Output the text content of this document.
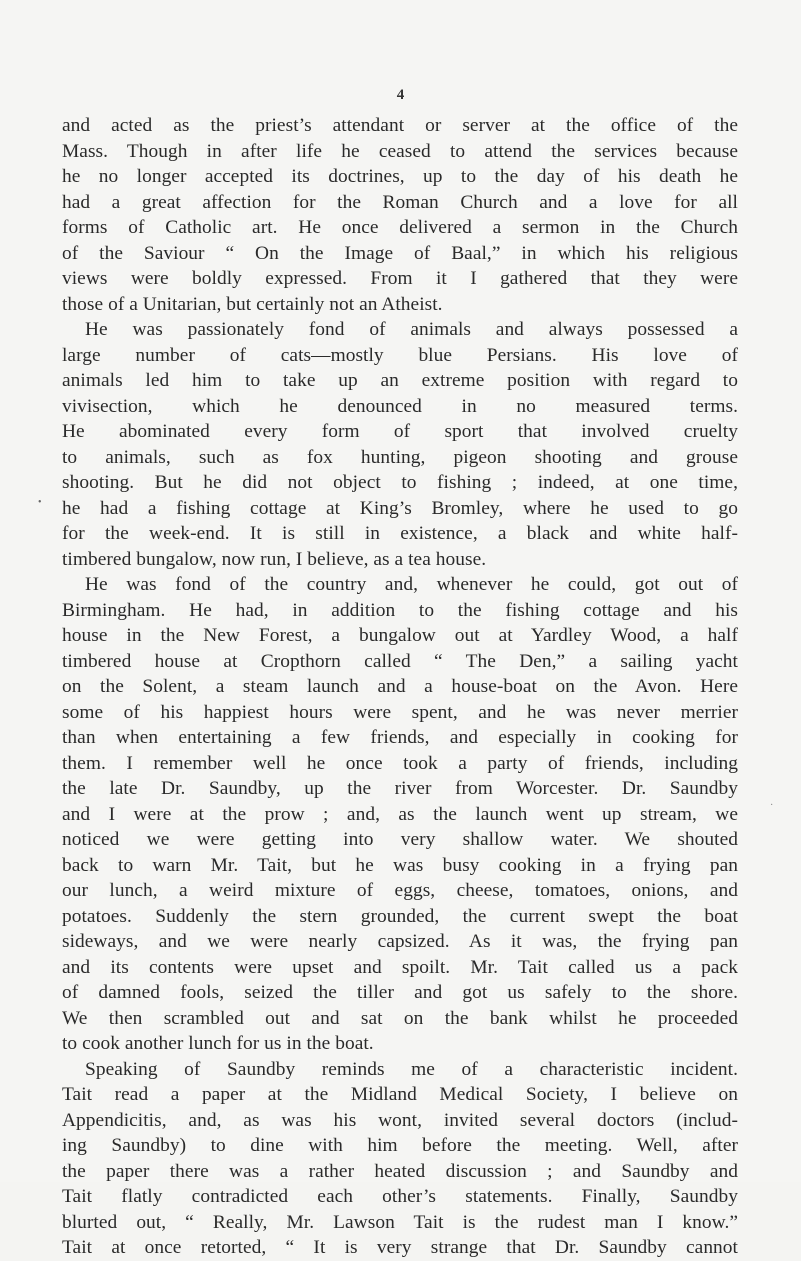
4
and acted as the priest’s attendant or server at the office of the
Mass. Though in after life he ceased to attend the services because
he no longer accepted its doctrines, up to the day of his death he
had a great affection for the Roman Church and a love for all
forms of Catholic art. He once delivered a sermon in the Church
of the Saviour “ On the Image of Baal,” in which his religious
views were boldly expressed. From it I gathered that they were
those of a Unitarian, but certainly not an Atheist.
He was passionately fond of animals and always possessed a
large number of cats—mostly blue Persians. His love of
animals led him to take up an extreme position with regard to
vivisection, which he denounced in no measured terms.
He abominated every form of sport that involved cruelty
to animals, such as fox hunting, pigeon shooting and grouse
shooting. But he did not object to fishing ; indeed, at one time,
he had a fishing cottage at King’s Bromley, where he used to go
for the week-end. It is still in existence, a black and white half-
timbered bungalow, now run, I believe, as a tea house.
He was fond of the country and, whenever he could, got out of
Birmingham. He had, in addition to the fishing cottage and his
house in the New Forest, a bungalow out at Yardley Wood, a half
timbered house at Cropthorn called “ The Den,” a sailing yacht
on the Solent, a steam launch and a house-boat on the Avon. Here
some of his happiest hours were spent, and he was never merrier
than when entertaining a few friends, and especially in cooking for
them. I remember well he once took a party of friends, including
the late Dr. Saundby, up the river from Worcester. Dr. Saundby
and I were at the prow ; and, as the launch went up stream, we
noticed we were getting into very shallow water. We shouted
back to warn Mr. Tait, but he was busy cooking in a frying pan
our lunch, a weird mixture of eggs, cheese, tomatoes, onions, and
potatoes. Suddenly the stern grounded, the current swept the boat
sideways, and we were nearly capsized. As it was, the frying pan
and its contents were upset and spoilt. Mr. Tait called us a pack
of damned fools, seized the tiller and got us safely to the shore.
We then scrambled out and sat on the bank whilst he proceeded
to cook another lunch for us in the boat.
Speaking of Saundby reminds me of a characteristic incident.
Tait read a paper at the Midland Medical Society, I believe on
Appendicitis, and, as was his wont, invited several doctors (includ-
ing Saundby) to dine with him before the meeting. Well, after
the paper there was a rather heated discussion ; and Saundby and
Tait flatly contradicted each other’s statements. Finally, Saundby
blurted out, “ Really, Mr. Lawson Tait is the rudest man I know.”
Tait at once retorted, “ It is very strange that Dr. Saundby cannot
•
·
